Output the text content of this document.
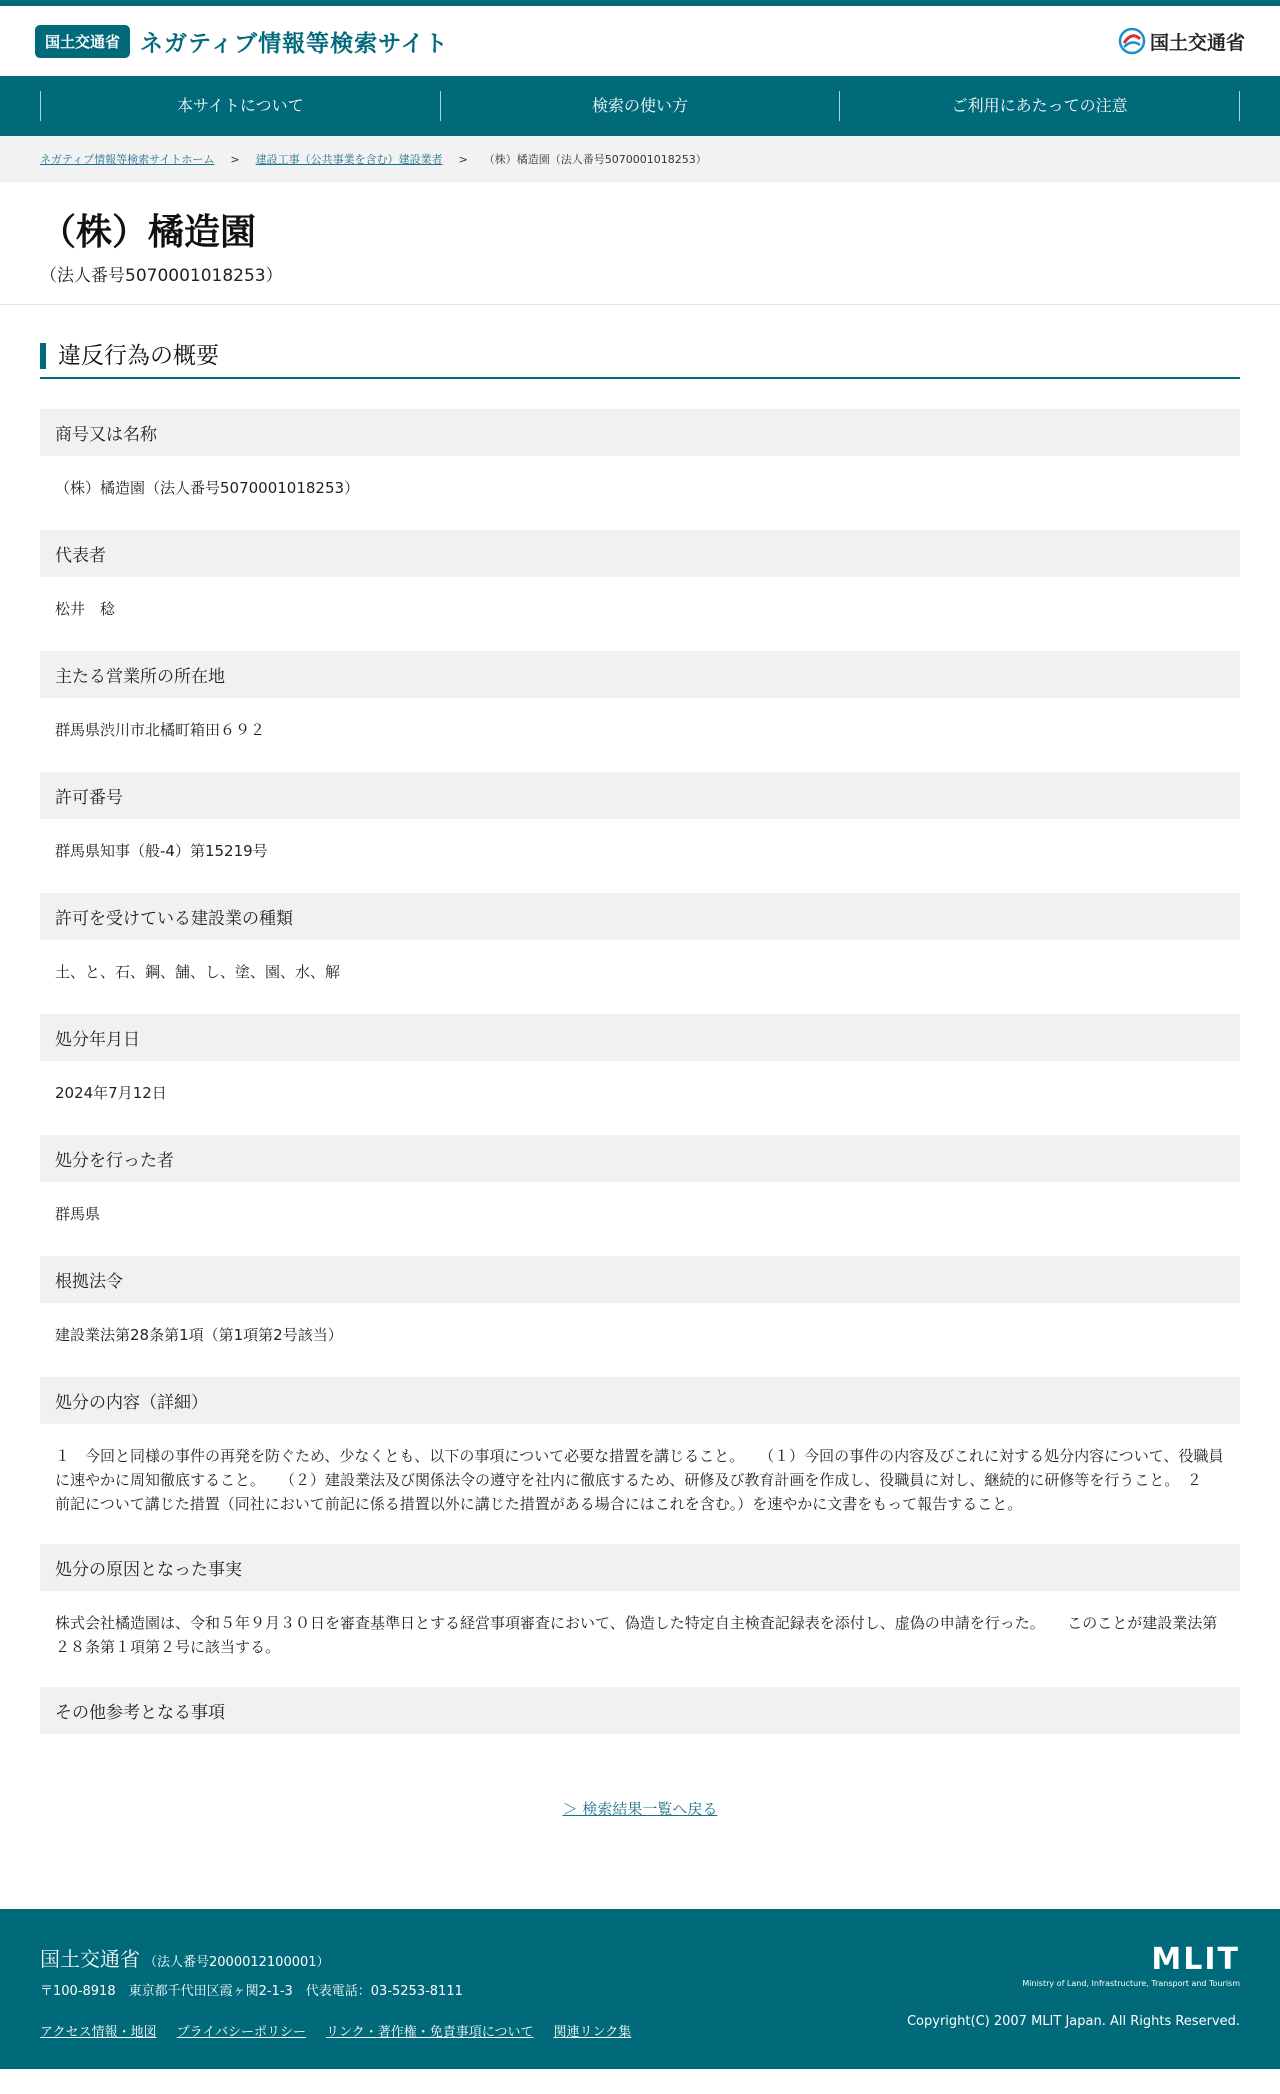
国土交通省 ネガティブ情報等検索サイト	国土交通省
本サイトについて	検索の使い方	ご利用にあたっての注意
ネガティブ情報等検索サイトホーム > 建設工事（公共事業を含む）建設業者 > （株）橘造園（法人番号5070001018253）
（株）橘造園
（法人番号5070001018253）
違反行為の概要
商号又は名称
（株）橘造園（法人番号5070001018253）
代表者
松井　稔
主たる営業所の所在地
群馬県渋川市北橘町箱田６９２
許可番号
群馬県知事（般-4）第15219号
許可を受けている建設業の種類
土、と、石、鋼、舗、し、塗、園、水、解
処分年月日
2024年7月12日
処分を行った者
群馬県
根拠法令
建設業法第28条第1項（第1項第2号該当）
処分の内容（詳細）
１　今回と同様の事件の再発を防ぐため、少なくとも、以下の事項について必要な措置を講じること。　　（１）今回の事件の内容及びこれに対する処分内容について、役職員に速やかに周知徹底すること。　　（２）建設業法及び関係法令の遵守を社内に徹底するため、研修及び教育計画を作成し、役職員に対し、継続的に研修等を行うこと。　２　前記について講じた措置（同社において前記に係る措置以外に講じた措置がある場合にはこれを含む。）を速やかに文書をもって報告すること。
処分の原因となった事実
株式会社橘造園は、令和５年９月３０日を審査基準日とする経営事項審査において、偽造した特定自主検査記録表を添付し、虚偽の申請を行った。　　このことが建設業法第２８条第１項第２号に該当する。
その他参考となる事項
＞ 検索結果一覧へ戻る
国土交通省 （法人番号2000012100001）
〒100-8918　東京都千代田区霞ヶ関2-1-3　代表電話：03-5253-8111
アクセス情報・地図 プライバシーポリシー リンク・著作権・免責事項について 関連リンク集
MLIT
Ministry of Land, Infrastructure, Transport and Tourism
Copyright(C) 2007 MLIT Japan. All Rights Reserved.
